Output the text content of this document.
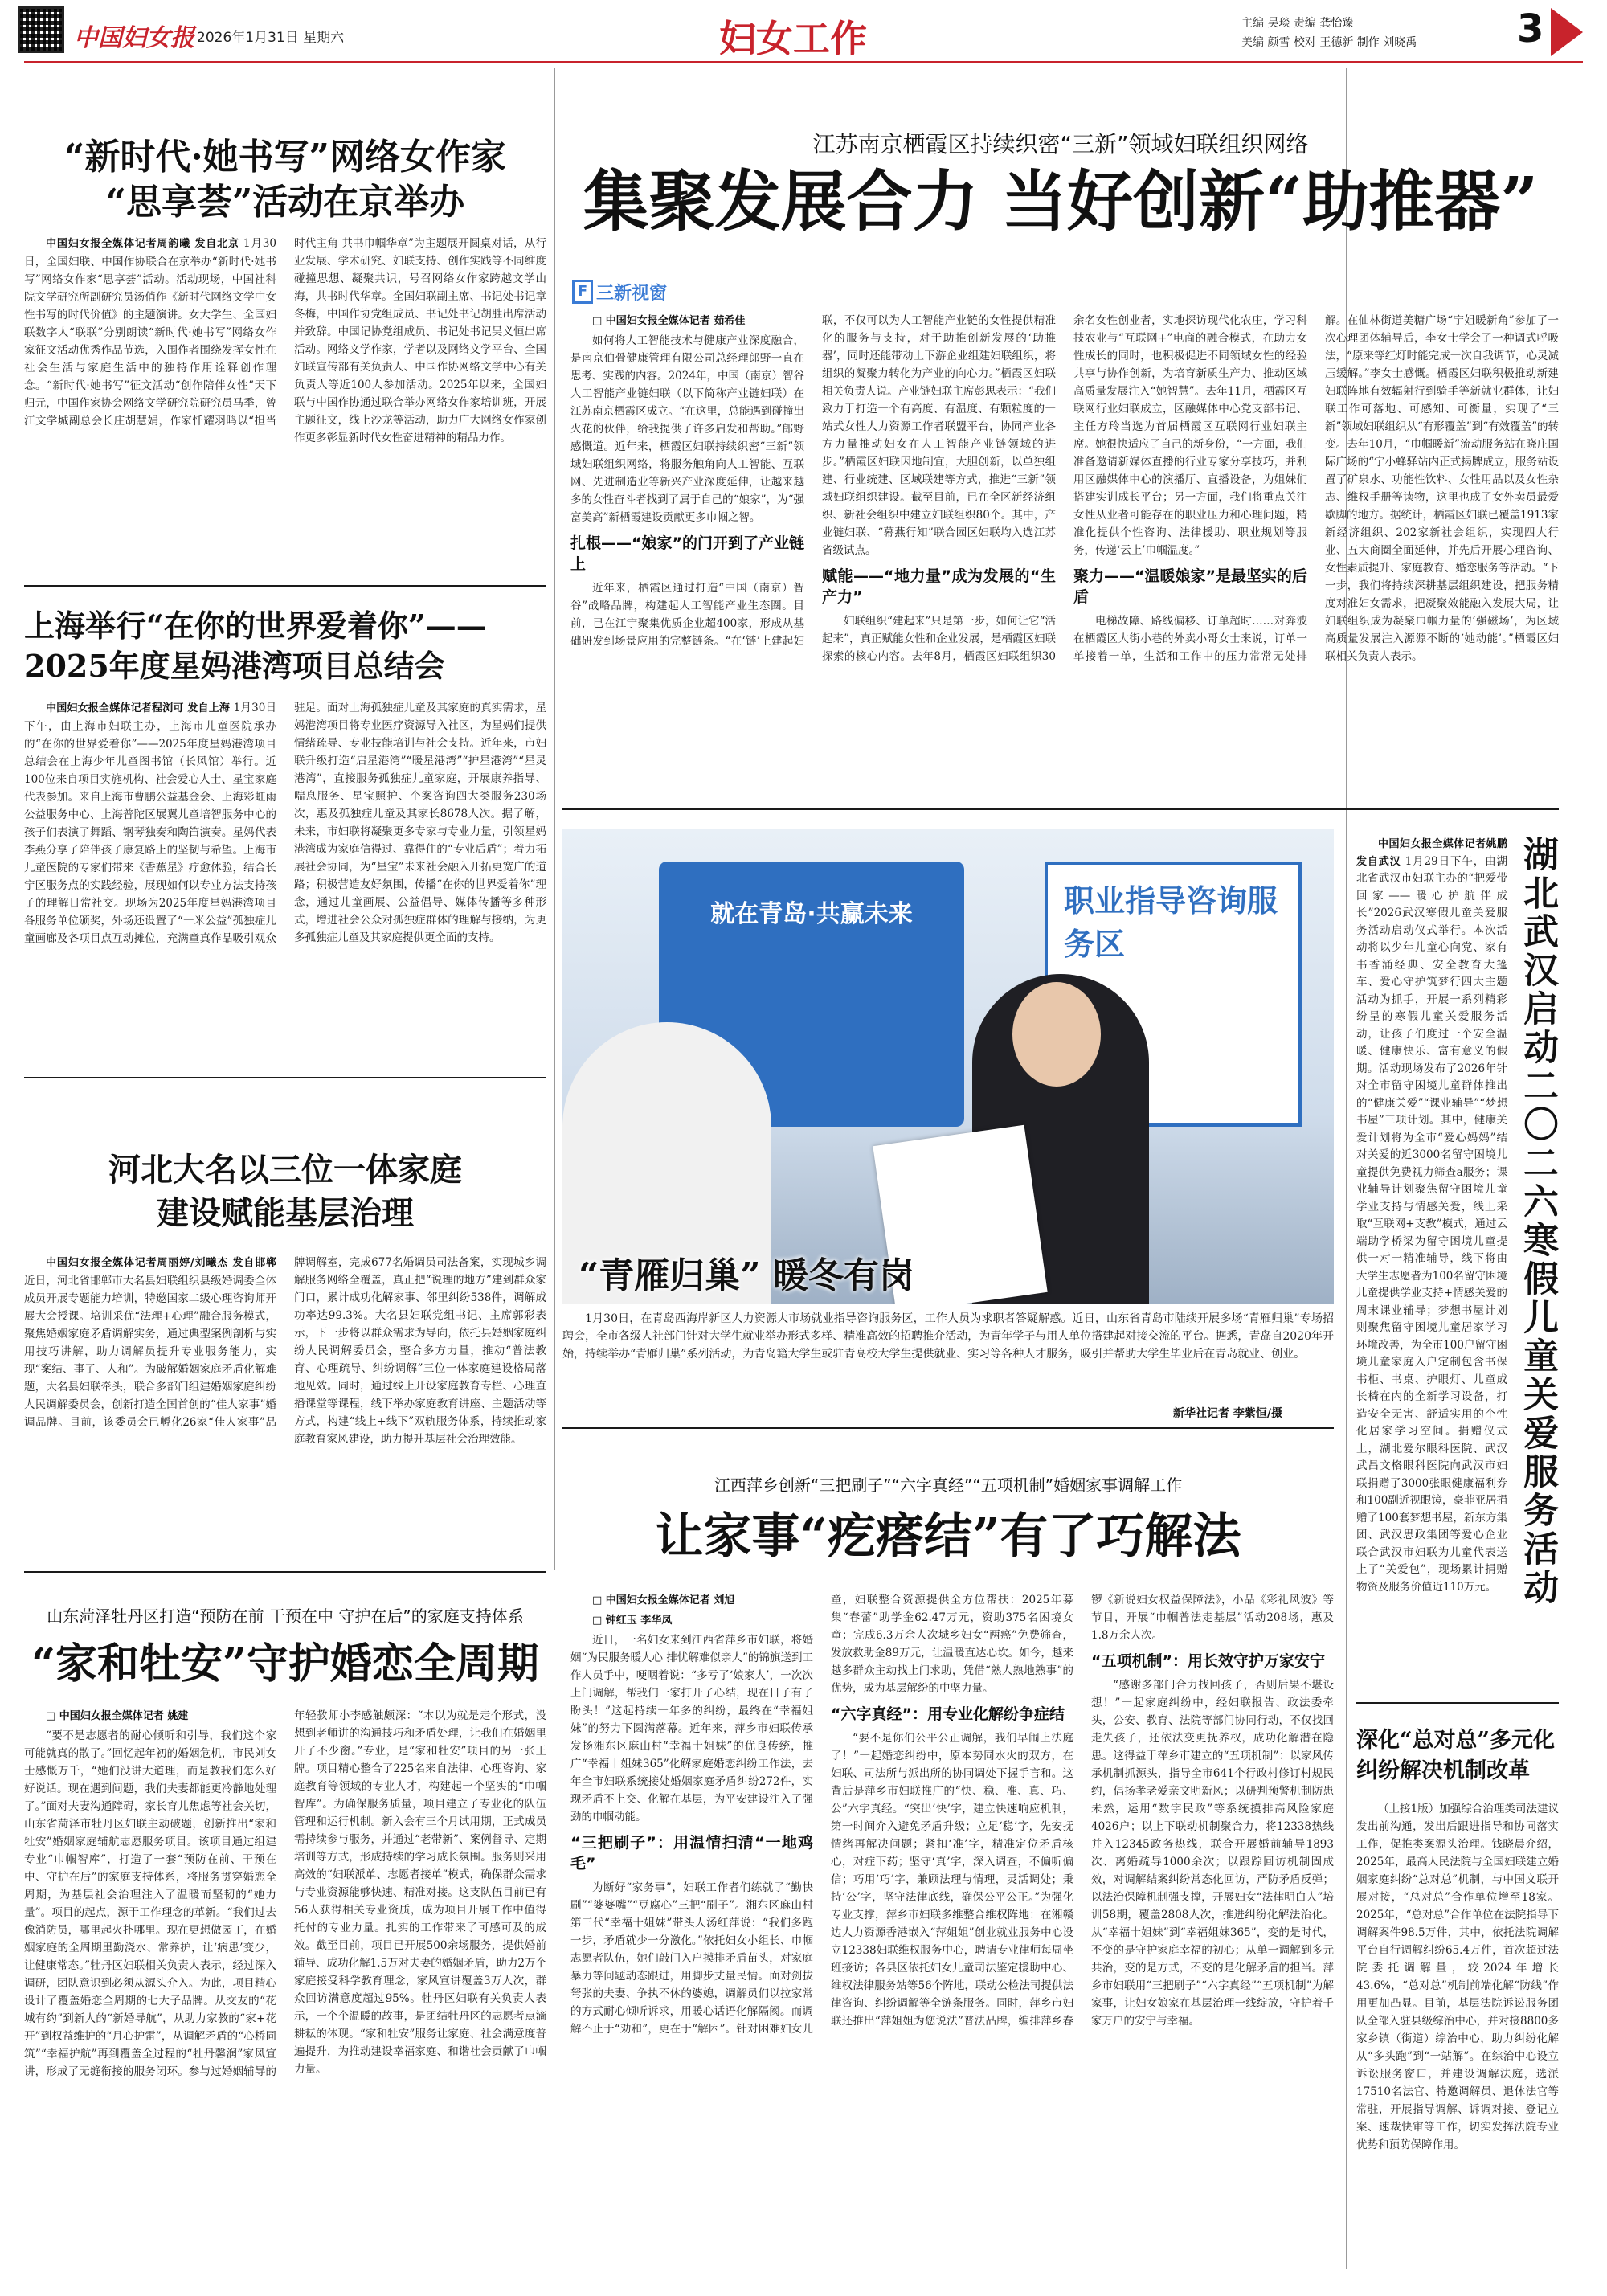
中国妇女报 2026年1月31日 星期六	妇女工作	主编 吴琰 责编 龚怡臻
美编 颜雪 校对 王德新 制作 刘晓禹	3
“新时代·她书写”网络女作家
“思享荟”活动在京举办

中国妇女报全媒体记者周韵曦 发自北京 1月30日，全国妇联、中国作协联合在京举办“新时代·她书写”网络女作家“思享荟”活动。活动现场，中国社科院文学研究所副研究员汤俏作《新时代网络文学中女性书写的时代价值》的主题演讲。女大学生、全国妇联数字人“联联”分别朗读“新时代·她书写”网络女作家征文活动优秀作品节选，入围作者围绕发挥女性在社会生活与家庭生活中的独特作用诠释创作理念。“新时代·她书写”征文活动“创作陪伴女性”天下归元，中国作家协会网络文学研究院研究员马季，曾江文学城副总会长庄胡慧娟，作家忏耀羽鸣以“担当时代主角 共书巾帼华章”为主题展开圆桌对话，从行业发展、学术研究、妇联支持、创作实践等不同维度碰撞思想、凝聚共识，号召网络女作家跨越文学山海，共书时代华章。全国妇联副主席、书记处书记章冬梅，中国作协党组成员、书记处书记胡胜出席活动并致辞。中国记协党组成员、书记处书记吴义恒出席活动。网络文学作家，学者以及网络文学平台、全国妇联宣传部有关负责人、中国作协网络文学中心有关负责人等近100人参加活动。2025年以来，全国妇联与中国作协通过联合举办网络女作家培训班，开展主题征文，线上沙龙等活动，助力广大网络女作家创作更多彰显新时代女性奋进精神的精品力作。

上海举行“在你的世界爱着你”——
2025年度星妈港湾项目总结会

中国妇女报全媒体记者程浏可 发自上海 1月30日下午，由上海市妇联主办，上海市儿童医院承办的“在你的世界爱着你”——2025年度星妈港湾项目总结会在上海少年儿童图书馆（长风馆）举行。近100位来自项目实施机构、社会爱心人士、星宝家庭代表参加。来自上海市曹鹏公益基金会、上海彩虹雨公益服务中心、上海普陀区展翼儿童培智服务中心的孩子们表演了舞蹈、钢琴独奏和陶笛演奏。星妈代表李燕分享了陪伴孩子康复路上的坚韧与希望。上海市儿童医院的专家们带来《香蕉星》疗愈体验，结合长宁区服务点的实践经验，展现如何以专业方法支持孩子的理解日常社交。现场为2025年度星妈港湾项目各服务单位颁奖，外场还设置了“一米公益”孤独症儿童画廊及各项目点互动摊位，充满童真作品吸引观众驻足。面对上海孤独症儿童及其家庭的真实需求，星妈港湾项目将专业医疗资源导入社区，为星妈们提供情绪疏导、专业技能培训与社会支持。近年来，市妇联升级打造“启星港湾”“暖星港湾”“护星港湾”“星灵港湾”，直接服务孤独症儿童家庭，开展康养指导、喘息服务、星宝照护、个案咨询四大类服务230场次，惠及孤独症儿童及其家长8678人次。据了解，未来，市妇联将凝聚更多专家与专业力量，引领星妈港湾成为家庭信得过、靠得住的“专业后盾”；着力拓展社会协同，为“星宝”未来社会融入开拓更宽广的道路；积极营造友好氛围，传播“在你的世界爱着你”理念，通过儿童画展、公益倡导、媒体传播等多种形式，增进社会公众对孤独症群体的理解与接纳，为更多孤独症儿童及其家庭提供更全面的支持。

河北大名以三位一体家庭
建设赋能基层治理

中国妇女报全媒体记者周丽婷/刘曦杰 发自邯郸 近日，河北省邯郸市大名县妇联组织县级婚调委全体成员开展专题能力培训，特邀国家二级心理咨询师开展大会授课。培训采优“法理+心理”融合服务模式，聚焦婚姻家庭矛盾调解实务，通过典型案例剖析与实用技巧讲解，助力调解员提升专业服务能力，实现“案结、事了、人和”。为破解婚姻家庭矛盾化解难题，大名县妇联牵头，联合多部门组建婚姻家庭纠纷人民调解委员会，创新打造全国首创的“佳人家事”婚调品牌。目前，该委员会已孵化26家“佳人家事”品牌调解室，完成677名婚调员司法备案，实现城乡调解服务网络全覆盖，真正把“说理的地方”建到群众家门口，累计成功化解家事、邻里纠纷538件，调解成功率达99.3%。大名县妇联党组书记、主席郭彩表示，下一步将以群众需求为导向，依托县婚姻家庭纠纷人民调解委员会，整合多方力量，推动“普法教育、心理疏导、纠纷调解”三位一体家庭建设格局落地见效。同时，通过线上开设家庭教育专栏、心理直播课堂等课程，线下举办家庭教育讲座、主题活动等方式，构建“线上+线下”双轨服务体系，持续推动家庭教育家风建设，助力提升基层社会治理效能。

山东菏泽牡丹区打造“预防在前 干预在中 守护在后”的家庭支持体系
“家和牡安”守护婚恋全周期

□ 中国妇女报全媒体记者 姚建

“要不是志愿者的耐心倾听和引导，我们这个家可能就真的散了。”回忆起年初的婚姻危机，市民刘女士感慨万千，“她们没讲大道理，而是教我们怎么好好说话。现在遇到问题，我们夫妻都能更冷静地处理了。”面对夫妻沟通障碍，家长育儿焦虑等社会关切，山东省菏泽市牡丹区妇联主动破题，创新推出“家和牡安”婚姻家庭辅航志愿服务项目。该项目通过组建专业“巾帼智库”，打造了一套“预防在前、干预在中、守护在后”的家庭支持体系，将服务贯穿婚恋全周期，为基层社会治理注入了温暖而坚韧的“她力量”。项目的起点，源于工作理念的革新。“我们过去像消防员，哪里起火扑哪里。现在更想做园丁，在婚姻家庭的全周期里勤浇水、常养护，让‘病患’变少，让健康常态。”牡丹区妇联相关负责人表示，经过深入调研，团队意识到必须从源头介入。为此，项目精心设计了覆盖婚恋全周期的七大子品牌。从交友的“花城有约”到新人的“新婚导航”，从助力家教的“家+花开”到权益维护的“月心护雷”，从调解矛盾的“心桥同筑”“幸福护航”再到覆盖全过程的“牡丹馨润”家风宣讲，形成了无缝衔接的服务闭环。参与过婚姻辅导的年轻教师小李感触颇深：“本以为就是走个形式，没想到老师讲的沟通技巧和矛盾处理，让我们在婚姻里开了不少窗。”专业，是“家和牡安”项目的另一张王牌。项目精心整合了225名来自法律、心理咨询、家庭教育等领域的专业人才，构建起一个坚实的“巾帼智库”。为确保服务质量，项目建立了专业化的队伍管理和运行机制。新入会有三个月试用期，正式成员需持续参与服务，并通过“老带新”、案例督导、定期培训等方式，形成持续的学习成长氛围。服务则采用高效的“妇联派单、志愿者接单”模式，确保群众需求与专业资源能够快速、精准对接。这支队伍目前已有56人获得相关专业资质，成为项目开展工作中值得托付的专业力量。扎实的工作带来了可感可及的成效。截至目前，项目已开展500余场服务，提供婚前辅导、成功化解1.5万对夫妻的婚姻矛盾，助力2万个家庭接受科学教育理念，家风宣讲覆盖3万人次，群众回访满意度超过95%。牡丹区妇联有关负责人表示，一个个温暖的故事，是团结牡丹区的志愿者点滴耕耘的体现。“家和牡安”服务让家庭、社会满意度普遍提升，为推动建设幸福家庭、和谐社会贡献了巾帼力量。

江苏南京栖霞区持续织密“三新”领域妇联组织网络
集聚发展合力 当好创新“助推器”
F 三新视窗

□ 中国妇女报全媒体记者 茹希佳

如何将人工智能技术与健康产业深度融合，是南京伯骨健康管理有限公司总经理郎野一直在思考、实践的内容。2024年，中国（南京）智谷人工智能产业链妇联（以下简称产业链妇联）在江苏南京栖霞区成立。“在这里，总能遇到碰撞出火花的伙伴，给我提供了许多启发和帮助。”郎野感慨道。近年来，栖霞区妇联持续织密“三新”领域妇联组织网络，将服务触角向人工智能、互联网、先进制造业等新兴产业深度延伸，让越来越多的女性奋斗者找到了属于自己的“娘家”，为“强富美高”新栖霞建设贡献更多巾帼之智。

扎根——“娘家”的门开到了产业链上

近年来，栖霞区通过打造“中国（南京）智谷”战略品牌，构建起人工智能产业生态圈。目前，已在江宁聚集优质企业超400家，形成从基础研发到场景应用的完整链条。“在‘链’上建起妇联，不仅可以为人工智能产业链的女性提供精准化的服务与支持，对于助推创新发展的‘助推器’，同时还能带动上下游企业组建妇联组织，将组织的凝聚力转化为产业的向心力。”栖霞区妇联相关负责人说。产业链妇联主席彭思表示：“我们致力于打造一个有高度、有温度、有颗粒度的一站式女性人力资源工作者联盟平台，协同产业各方力量推动妇女在人工智能产业链领域的进步。”栖霞区妇联因地制宜，大胆创新，以单独组建、行业统建、区域联建等方式，推进“三新”领域妇联组织建设。截至目前，已在全区新经济组织、新社会组织中建立妇联组织80个。其中，产业链妇联、“幕燕行知”联合园区妇联均入选江苏省级试点。

赋能——“地力量”成为发展的“生产力”

妇联组织“建起来”只是第一步，如何让它“活起来”，真正赋能女性和企业发展，是栖霞区妇联探索的核心内容。去年8月，栖霞区妇联组织30余名女性创业者，实地探访现代化农庄，学习科技农业与“互联网+”电商的融合模式，在助力女性成长的同时，也积极促进不同领域女性的经验共享与协作创新，为培育新质生产力、推动区域高质量发展注入“她智慧”。去年11月，栖霞区互联网行业妇联成立，区融媒体中心党支部书记、主任方玲当选为首届栖霞区互联网行业妇联主席。她很快适应了自己的新身份，“一方面，我们准备邀请新媒体直播的行业专家分享技巧，并利用区融媒体中心的演播厅、直播设备，为姐妹们搭建实训成长平台；另一方面，我们将重点关注女性从业者可能存在的职业压力和心理问题，精准化提供个性咨询、法律援助、职业规划等服务，传递‘云上’巾帼温度。”

聚力——“温暖娘家”是最坚实的后盾

电梯故障、路线偏移、订单超时……对奔波在栖霞区大街小巷的外卖小哥女士来说，订单一单接着一单，生活和工作中的压力常常无处排解。在仙林街道美糖广场“宁姐暖新角”参加了一次心理团体辅导后，李女士学会了一种调式呼吸法，“原来等红灯时能完成一次自我调节，心灵减压缓解。”李女士感慨。栖霞区妇联积极推动新建妇联阵地有效辐射行到骑手等新就业群体，让妇联工作可落地、可感知、可衡量，实现了“三新”领域妇联组织从“有形覆盖”到“有效覆盖”的转变。去年10月，“巾帼暖新”流动服务站在晓庄国际广场的“宁小蜂驿站内正式揭牌成立，服务站设置了矿泉水、功能性饮料、女性用品以及女性杂志、维权手册等读物，这里也成了女外卖员最爱歇脚的地方。据统计，栖霞区妇联已覆盖1913家新经济组织、202家新社会组织，实现四大行业、五大商圈全面延伸，并先后开展心理咨询、女性素质提升、家庭教育、婚恋服务等活动。“下一步，我们将持续深耕基层组织建设，把服务精度对准妇女需求，把凝聚效能融入发展大局，让妇联组织成为凝聚巾帼力量的‘强磁场’，为区域高质量发展注入源源不断的‘她动能’。”栖霞区妇联相关负责人表示。

就在青岛·共赢未来	职业指导咨询服务区
“青雁归巢” 暖冬有岗

1月30日，在青岛西海岸新区人力资源大市场就业指导咨询服务区，工作人员为求职者答疑解惑。近日，山东省青岛市陆续开展多场“青雁归巢”专场招聘会，全市各级人社部门针对大学生就业举办形式多样、精准高效的招聘推介活动，为青年学子与用人单位搭建起对接交流的平台。据悉，青岛自2020年开始，持续举办“青雁归巢”系列活动，为青岛籍大学生或驻青高校大学生提供就业、实习等各种人才服务，吸引并帮助大学生毕业后在青岛就业、创业。

新华社记者 李紫恒/摄
江西萍乡创新“三把刷子”“六字真经”“五项机制”婚姻家事调解工作
让家事“疙瘩结”有了巧解法

□ 中国妇女报全媒体记者 刘旭

□ 钟红玉 李华凤

近日，一名妇女来到江西省萍乡市妇联，将婚姻“为民服务暖人心 排忧解难似亲人”的锦旗送到工作人员手中，哽咽着说：“多亏了‘娘家人’，一次次上门调解，帮我们一家打开了心结，现在日子有了盼头！”这起持续一年多的纠纷，最终在“幸福姐妹”的努力下圆满落幕。近年来，萍乡市妇联传承发扬湘东区麻山村“幸福十姐妹”的优良传统，推广“幸福十姐妹365”化解家庭婚恋纠纷工作法，去年全市妇联系统接处婚姻家庭矛盾纠纷272件，实现矛盾不上交、化解在基层，为平安建设注入了强劲的巾帼动能。

“三把刷子”：用温情扫清“一地鸡毛”

为断好“家务事”，妇联工作者们练就了“勤快刷”“婆婆嘴”“豆腐心”三把“刷子”。湘东区麻山村第三代“幸福十姐妹”带头人汤红萍说：“我们多跑一步，矛盾就少一分激化。”依托妇女小组长、巾帼志愿者队伍，她们敲门入户摸排矛盾苗头，对家庭暴力等问题动态跟进，用脚步丈量民情。面对剑拔弩张的夫妻、争执不休的婆媳，调解员们以拉家常的方式耐心倾听诉求，用暖心话语化解隔阂。而调解不止于“劝和”，更在于“解困”。针对困难妇女儿童，妇联整合资源提供全方位帮扶：2025年募集“春蕾”助学金62.47万元，资助375名困境女童；完成6.3万余人次城乡妇女“两癌”免费筛查，发放救助金89万元，让温暖直达心坎。如今，越来越多群众主动找上门求助，凭借“熟人熟地熟事”的优势，成为基层解纷的中坚力量。

“六字真经”：用专业化解纷争症结

“要不是你们公平公正调解，我们早闹上法庭了！”一起婚恋纠纷中，原本势同水火的双方，在妇联、司法所与派出所的协同调处下握手言和。这背后是萍乡市妇联推广的“快、稳、准、真、巧、公”六字真经。“突出‘快’字，建立快速响应机制，第一时间介入避免矛盾升级；立足‘稳’字，先安抚情绪再解决问题；紧扣‘准’字，精准定位矛盾核心，对症下药；坚守‘真’字，深入调查，不偏听偏信；巧用‘巧’字，兼顾法理与情理，灵活调处；秉持‘公’字，坚守法律底线，确保公平公正。”为强化专业支撑，萍乡市妇联多维整合维权阵地：在湘赣边人力资源香港嵌入“萍姐姐”创业就业服务中心设立12338妇联维权服务中心，聘请专业律师每周坐班接访；各县区依托妇女儿童司法鉴定援助中心、维权法律服务站等56个阵地，联动公检法司提供法律咨询、纠纷调解等全链条服务。同时，萍乡市妇联还推出“萍姐姐为您说法”普法品牌，编排萍乡春锣《新说妇女权益保障法》，小品《彩礼风波》等节目，开展“巾帼普法走基层”活动208场，惠及1.8万余人次。

“五项机制”：用长效守护万家安宁

“感谢多部门合力找回孩子，否则后果不堪设想！”一起家庭纠纷中，经妇联报告、政法委牵头，公安、教育、法院等部门协同行动，不仅找回走失孩子，还依法变更抚养权，成功化解潜在隐患。这得益于萍乡市建立的“五项机制”：以家风传承机制抓源头，指导全市641个行政村修订村规民约，倡扬孝老爱亲文明新风；以研判预警机制防患未然，运用“数字民政”等系统摸排高风险家庭4026户；以上下联动机制聚合力，将12338热线并入12345政务热线，联合开展婚前辅导1893次、离婚疏导1000余次；以跟踪回访机制固成效，对调解结案纠纷常态化回访，严防矛盾反弹；以法治保障机制强支撑，开展妇女“法律明白人”培训58期，覆盖2808人次，推进纠纷化解法治化。从“幸福十姐妹”到“幸福姐妹365”，变的是时代，不变的是守护家庭幸福的初心；从单一调解到多元共治，变的是方式，不变的是化解矛盾的担当。萍乡市妇联用“三把刷子”“六字真经”“五项机制”为解家事，让妇女娘家在基层治理一线绽放，守护着千家万户的安宁与幸福。

中国妇女报全媒体记者姚鹏 发自武汉 1月29日下午，由湖北省武汉市妇联主办的“把爱带回家——暖心护航伴成长”2026武汉寒假儿童关爱服务活动启动仪式举行。本次活动将以少年儿童心向党、家有书香涌经典、安全教育大篷车、爱心守护筑梦行四大主题活动为抓手，开展一系列精彩纷呈的寒假儿童关爱服务活动，让孩子们度过一个安全温暖、健康快乐、富有意义的假期。活动现场发布了2026年针对全市留守困境儿童群体推出的“健康关爱”“课业辅导”“梦想书屋”三项计划。其中，健康关爱计划将为全市“爱心妈妈”结对关爱的近3000名留守困境儿童提供免费视力筛查a服务；课业辅导计划聚焦留守困境儿童学业支持与情感关爱，线上采取“互联网+支教”模式，通过云端助学桥梁为留守困境儿童提供一对一精准辅导，线下将由大学生志愿者为100名留守困境儿童提供学业支持+情感关爱的周末课业辅导；梦想书屋计划则聚焦留守困境儿童居家学习环境改善，为全市100户留守困境儿童家庭入户定制包含书保书柜、书桌、护眼灯、儿童成长椅在内的全新学习设备，打造安全无害、舒适实用的个性化居家学习空间。捐赠仪式上，湖北爱尔眼科医院、武汉武昌文格眼科医院向武汉市妇联捐赠了3000张眼健康福利券和100副近视眼镜，豪菲亚居捐赠了100套梦想书屋，新东方集团、武汉思政集团等爱心企业联合武汉市妇联为儿童代表送上了“关爱包”，现场累计捐赠物资及服务价值近110万元。 湖北武汉启动二〇二六寒假儿童关爱服务活动
深化“总对总”多元化
纠纷解决机制改革

（上接1版）加强综合治理类司法建议发出前沟通，发出后跟进指导和协同落实工作，促推类案源头治理。钱晓晨介绍，2025年，最高人民法院与全国妇联建立婚姻家庭纠纷“总对总”机制，与中国文联开展对接，“总对总”合作单位增至18家。2025年，“总对总”合作单位在法院指导下调解案件98.5万件，其中，依托法院调解平台自行调解纠纷65.4万件，首次超过法院委托调解量，较2024年增长43.6%，“总对总”机制前端化解“防线”作用更加凸显。目前，基层法院诉讼服务团队全部入驻县级综治中心，并对接8800多家乡镇（街道）综治中心，助力纠纷化解从“多头跑”到“一站解”。在综治中心设立诉讼服务窗口，并建设调解法庭，选派17510名法官、特邀调解员、退休法官等常驻，开展指导调解、诉调对接、登记立案、速裁快审等工作，切实发挥法院专业优势和预防保障作用。
